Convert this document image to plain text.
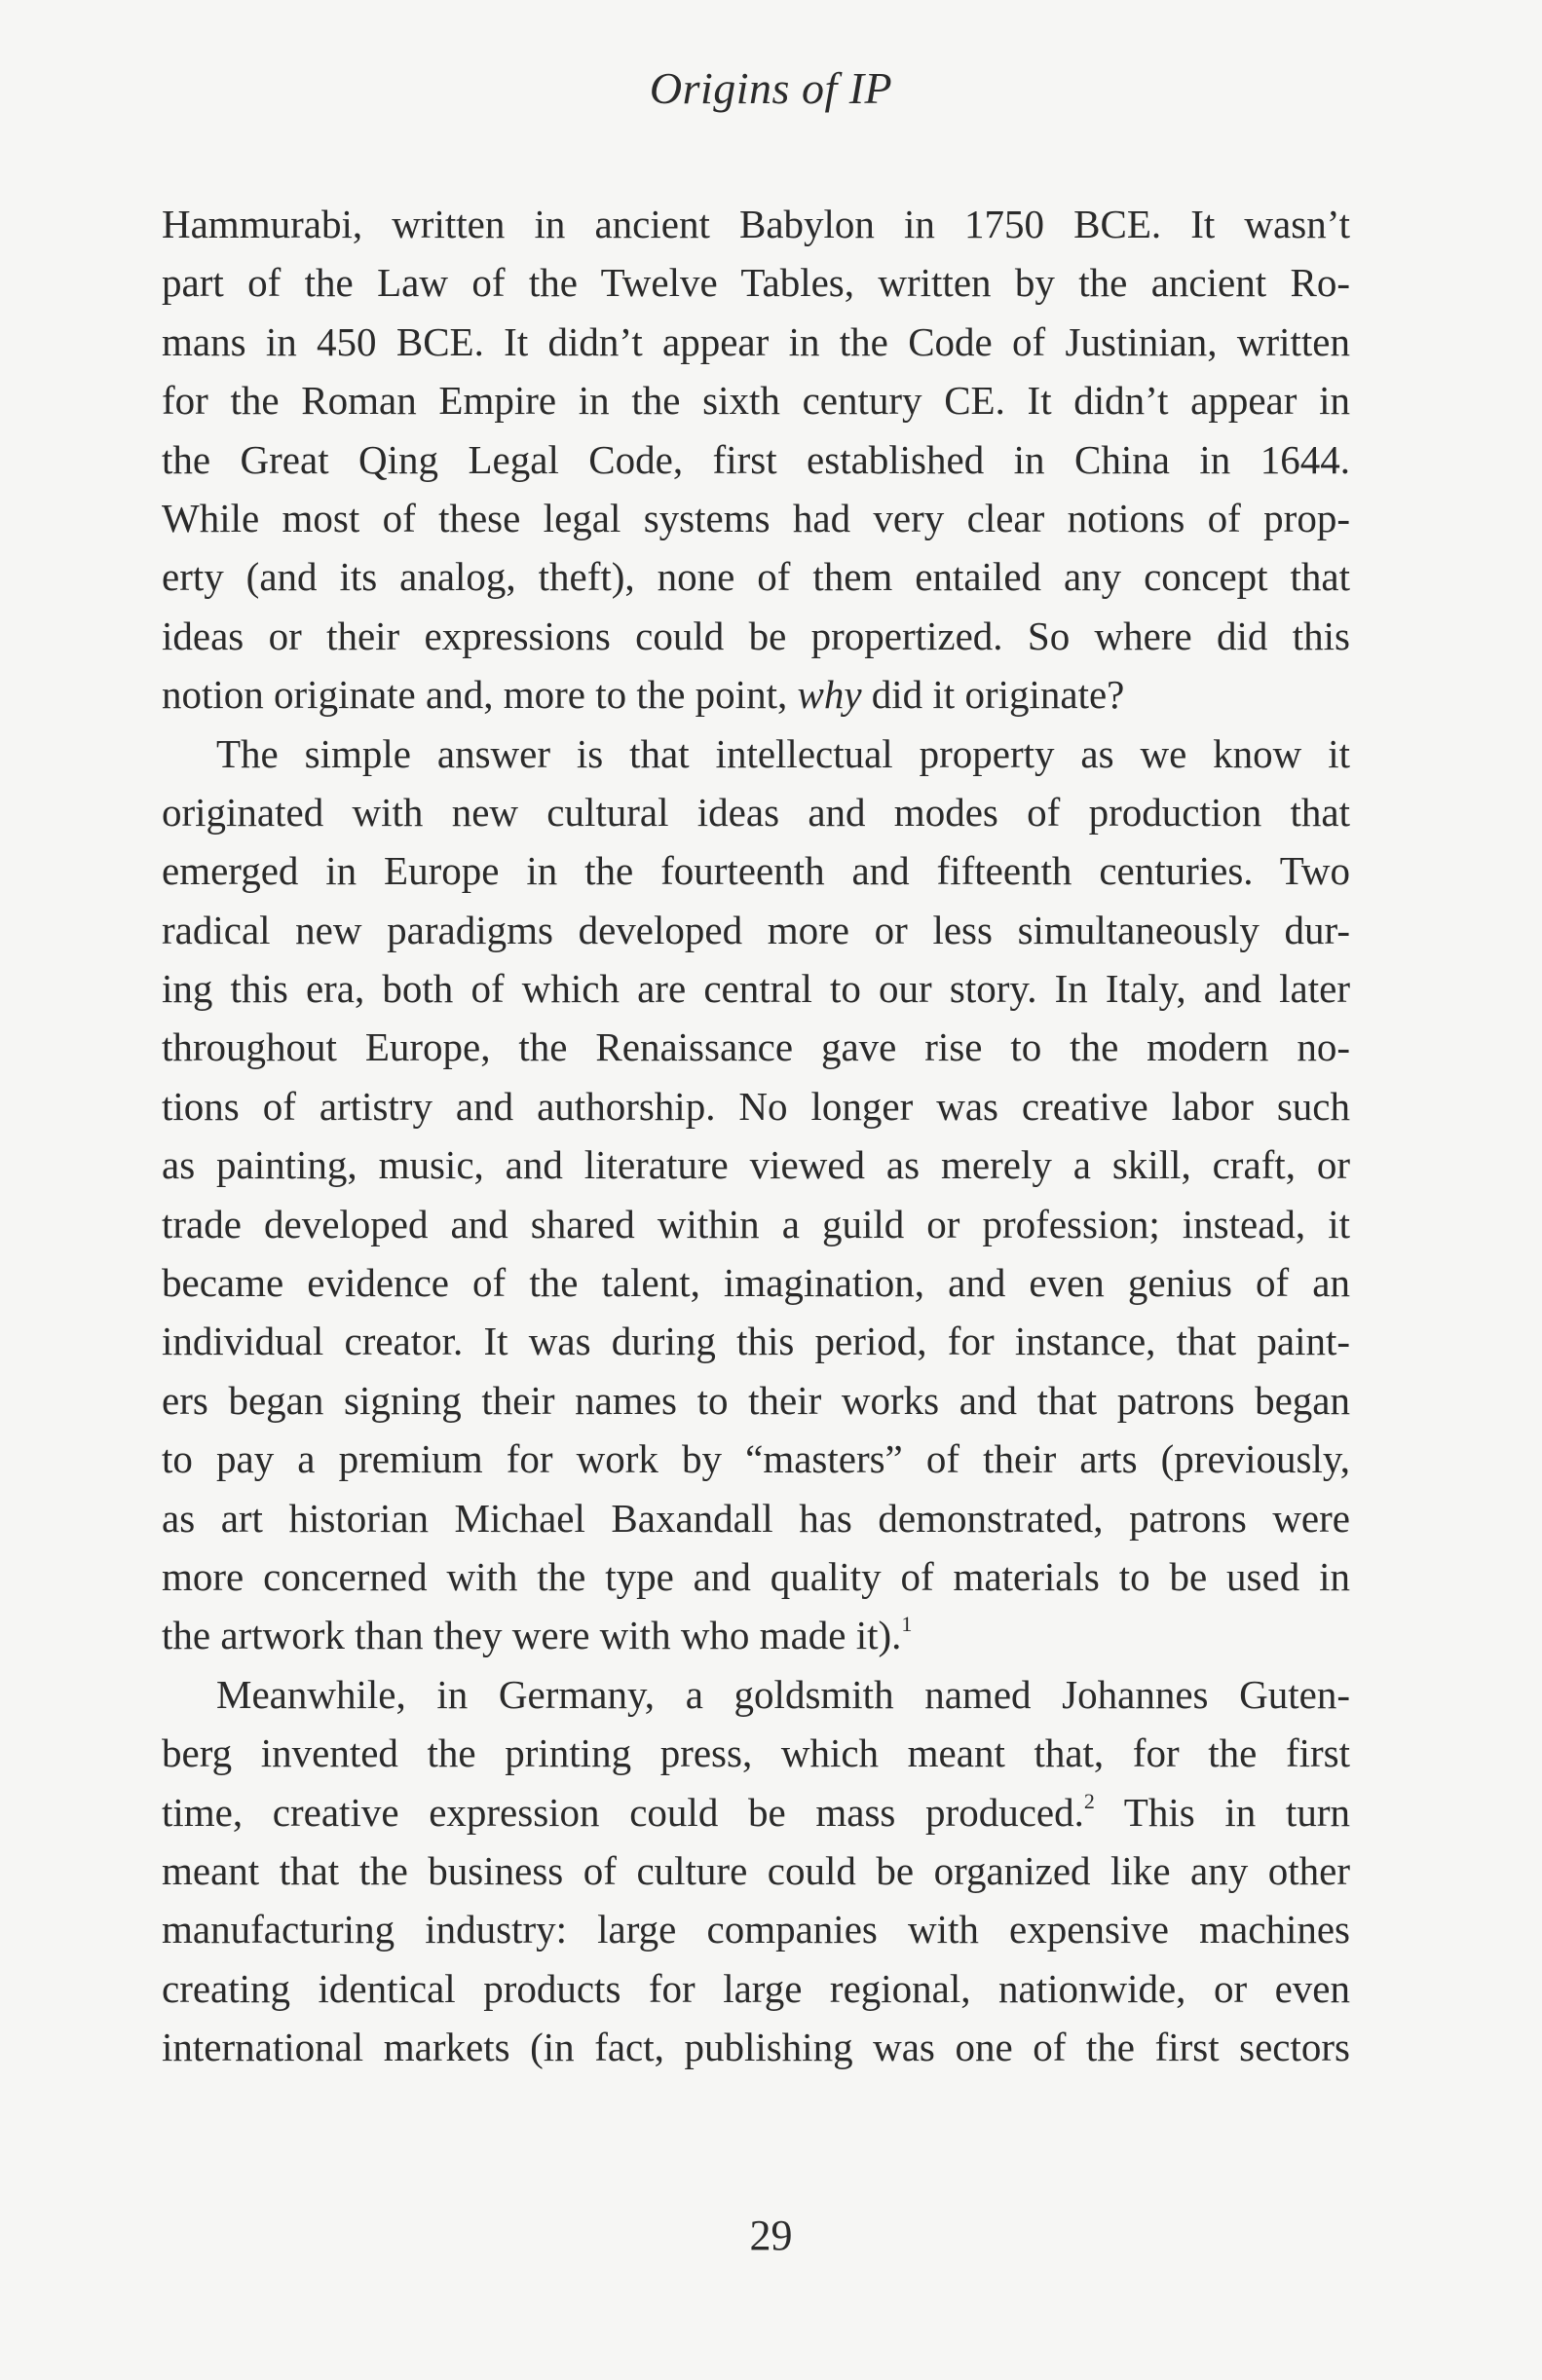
Origins of IP
Hammurabi, written in ancient Babylon in 1750 BCE. It wasn’t
part of the Law of the Twelve Tables, written by the ancient Ro-
mans in 450 BCE. It didn’t appear in the Code of Justinian, written
for the Roman Empire in the sixth century CE. It didn’t appear in
the Great Qing Legal Code, first established in China in 1644.
While most of these legal systems had very clear notions of prop-
erty (and its analog, theft), none of them entailed any concept that
ideas or their expressions could be propertized. So where did this
notion originate and, more to the point, why did it originate?
The simple answer is that intellectual property as we know it
originated with new cultural ideas and modes of production that
emerged in Europe in the fourteenth and fifteenth centuries. Two
radical new paradigms developed more or less simultaneously dur-
ing this era, both of which are central to our story. In Italy, and later
throughout Europe, the Renaissance gave rise to the modern no-
tions of artistry and authorship. No longer was creative labor such
as painting, music, and literature viewed as merely a skill, craft, or
trade developed and shared within a guild or profession; instead, it
became evidence of the talent, imagination, and even genius of an
individual creator. It was during this period, for instance, that paint-
ers began signing their names to their works and that patrons began
to pay a premium for work by “masters” of their arts (previously,
as art historian Michael Baxandall has demonstrated, patrons were
more concerned with the type and quality of materials to be used in
the artwork than they were with who made it).$^1$
Meanwhile, in Germany, a goldsmith named Johannes Guten-
berg invented the printing press, which meant that, for the first
time, creative expression could be mass produced.$^2$ This in turn
meant that the business of culture could be organized like any other
manufacturing industry: large companies with expensive machines
creating identical products for large regional, nationwide, or even
international markets (in fact, publishing was one of the first sectors
29
